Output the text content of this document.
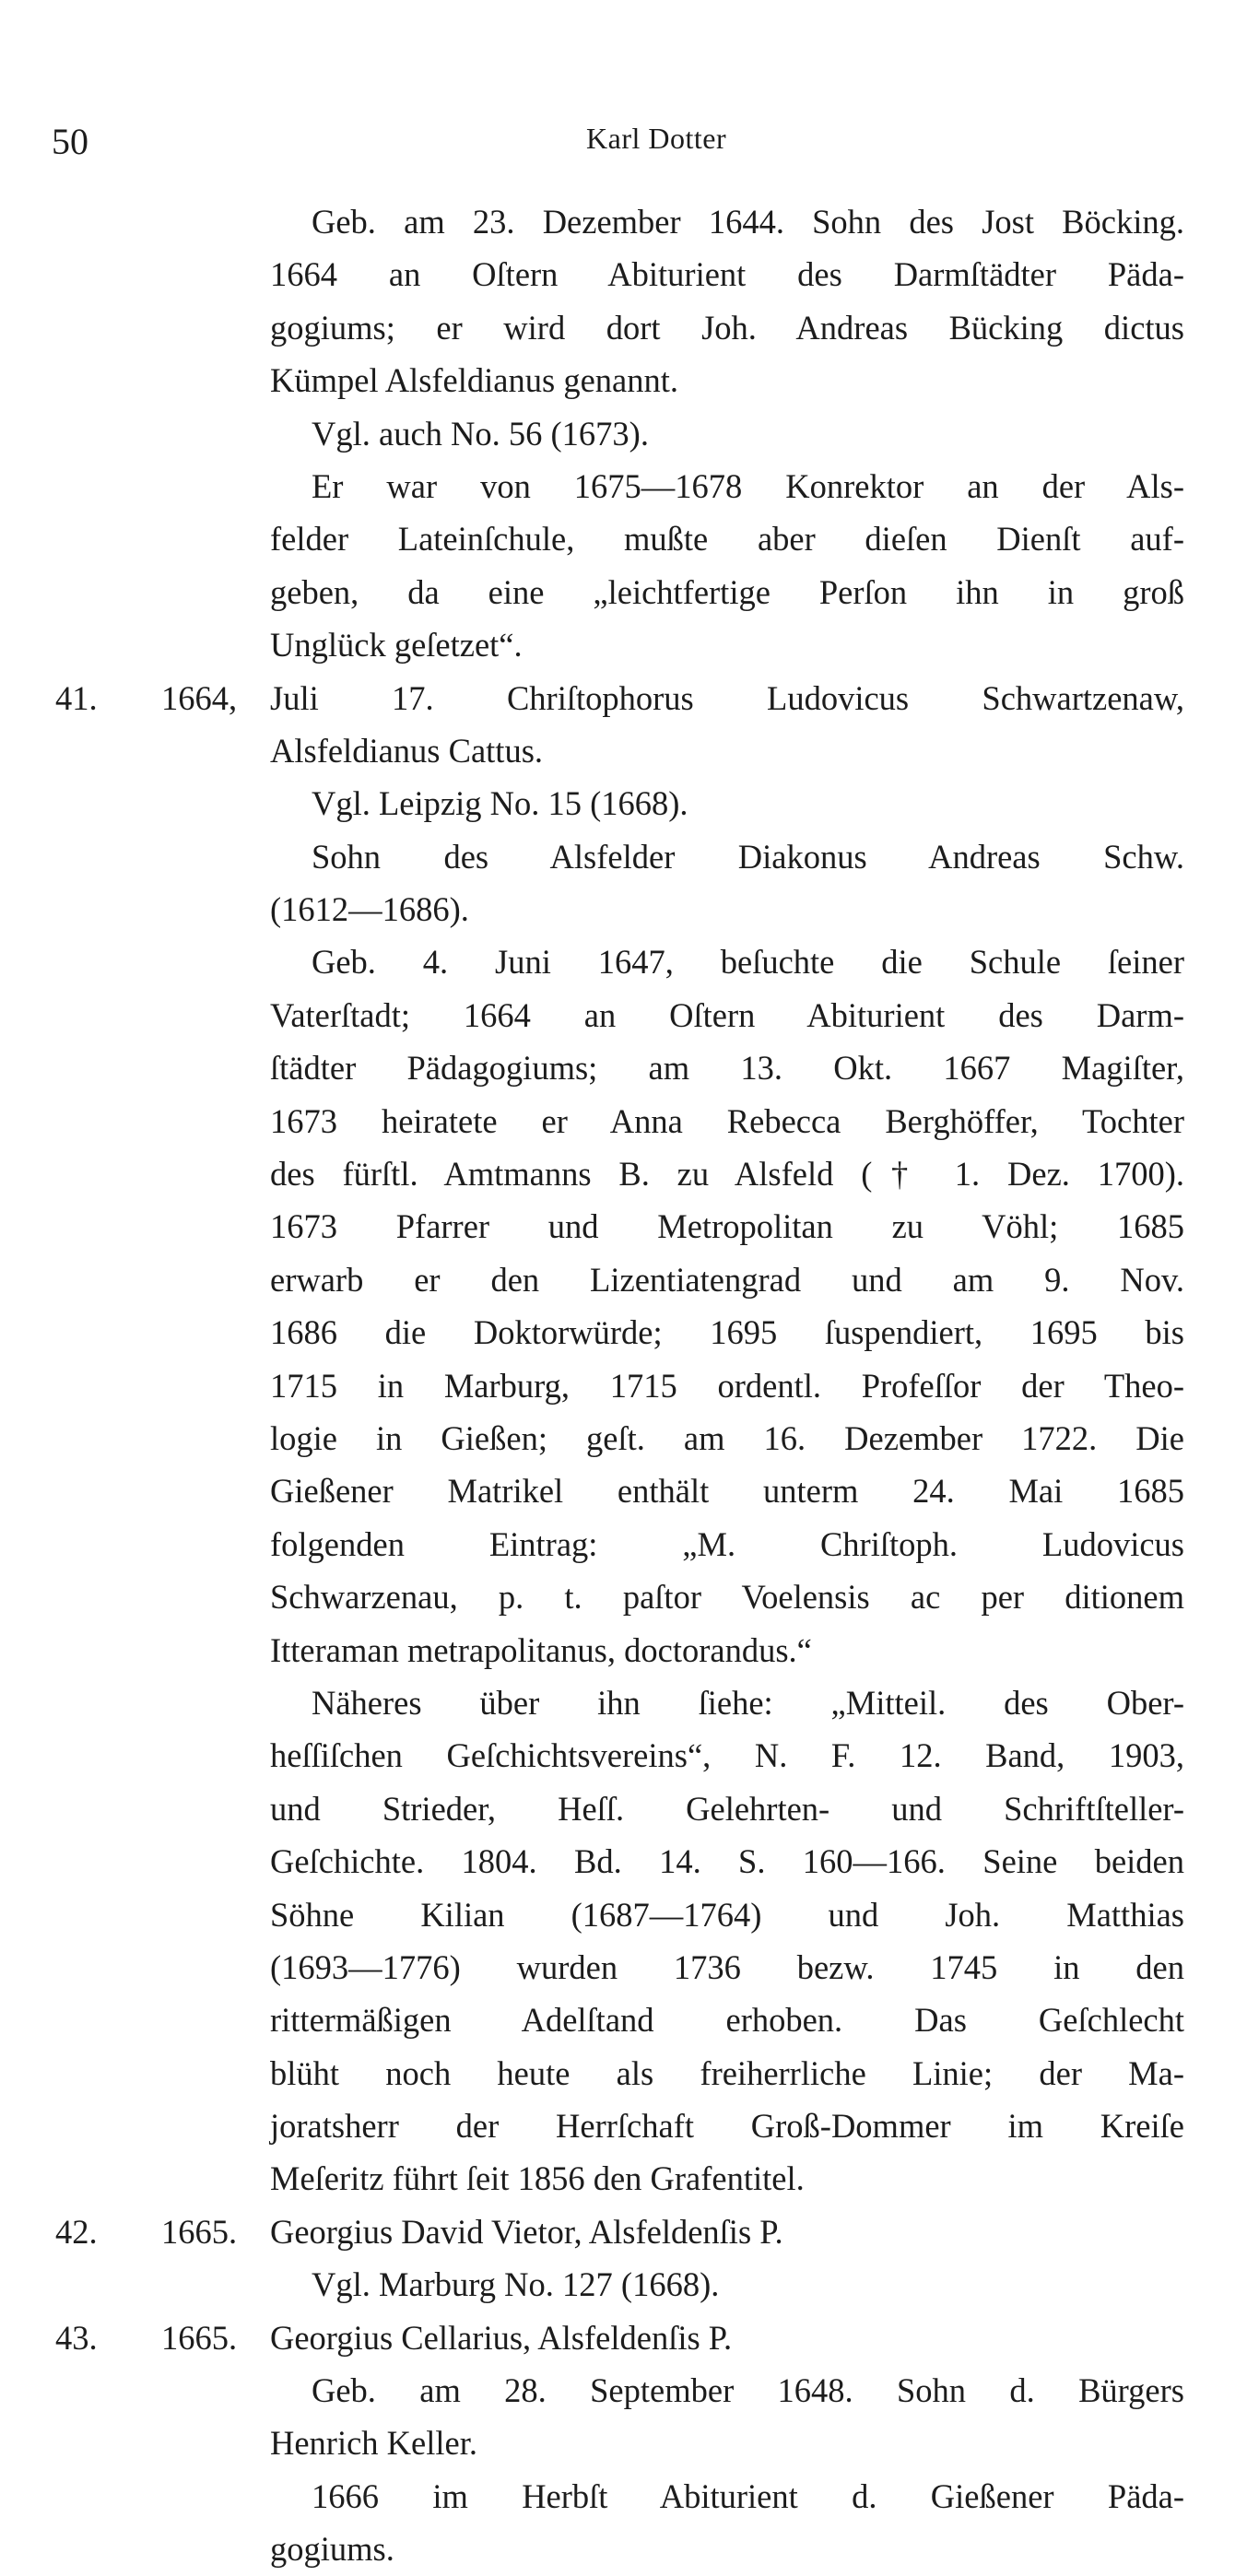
50	Karl Dotter
Geb. am 23. Dezember 1644. Sohn des Jost Böcking.
1664 an Oſtern Abiturient des Darmſtädter Päda-
gogiums; er wird dort Joh. Andreas Bücking dictus
Kümpel Alsfeldianus genannt.
Vgl. auch No. 56 (1673).
Er war von 1675—1678 Konrektor an der Als-
felder Lateinſchule, mußte aber dieſen Dienſt auf-
geben, da eine „leichtfertige Perſon ihn in groß
Unglück geſetzet“.
41.	1664, Juli 17. Chriſtophorus Ludovicus Schwartzenaw,
Alsfeldianus Cattus.
Vgl. Leipzig No. 15 (1668).
Sohn des Alsfelder Diakonus Andreas Schw.
(1612—1686).
Geb. 4. Juni 1647, beſuchte die Schule ſeiner
Vaterſtadt; 1664 an Oſtern Abiturient des Darm-
ſtädter Pädagogiums; am 13. Okt. 1667 Magiſter,
1673 heiratete er Anna Rebecca Berghöffer, Tochter
des fürſtl. Amtmanns B. zu Alsfeld († 1. Dez. 1700).
1673 Pfarrer und Metropolitan zu Vöhl; 1685
erwarb er den Lizentiatengrad und am 9. Nov.
1686 die Doktorwürde; 1695 ſuspendiert, 1695 bis
1715 in Marburg, 1715 ordentl. Profeſſor der Theo-
logie in Gießen; geſt. am 16. Dezember 1722. Die
Gießener Matrikel enthält unterm 24. Mai 1685
folgenden Eintrag: „M. Chriſtoph. Ludovicus
Schwarzenau, p. t. paſtor Voelensis ac per ditionem
Itteraman metrapolitanus, doctorandus.“
Näheres über ihn ſiehe: „Mitteil. des Ober-
heſſiſchen Geſchichtsvereins“, N. F. 12. Band, 1903,
und Strieder, Heſſ. Gelehrten- und Schriftſteller-
Geſchichte. 1804. Bd. 14. S. 160—166. Seine beiden
Söhne Kilian (1687—1764) und Joh. Matthias
(1693—1776) wurden 1736 bezw. 1745 in den
rittermäßigen Adelſtand erhoben. Das Geſchlecht
blüht noch heute als freiherrliche Linie; der Ma-
joratsherr der Herrſchaft Groß-Dommer im Kreiſe
Meſeritz führt ſeit 1856 den Grafentitel.
42.	1665. Georgius David Vietor, Alsfeldenſis P.
Vgl. Marburg No. 127 (1668).
43.	1665. Georgius Cellarius, Alsfeldenſis P.
Geb. am 28. September 1648. Sohn d. Bürgers
Henrich Keller.
1666 im Herbſt Abiturient d. Gießener Päda-
gogiums.
